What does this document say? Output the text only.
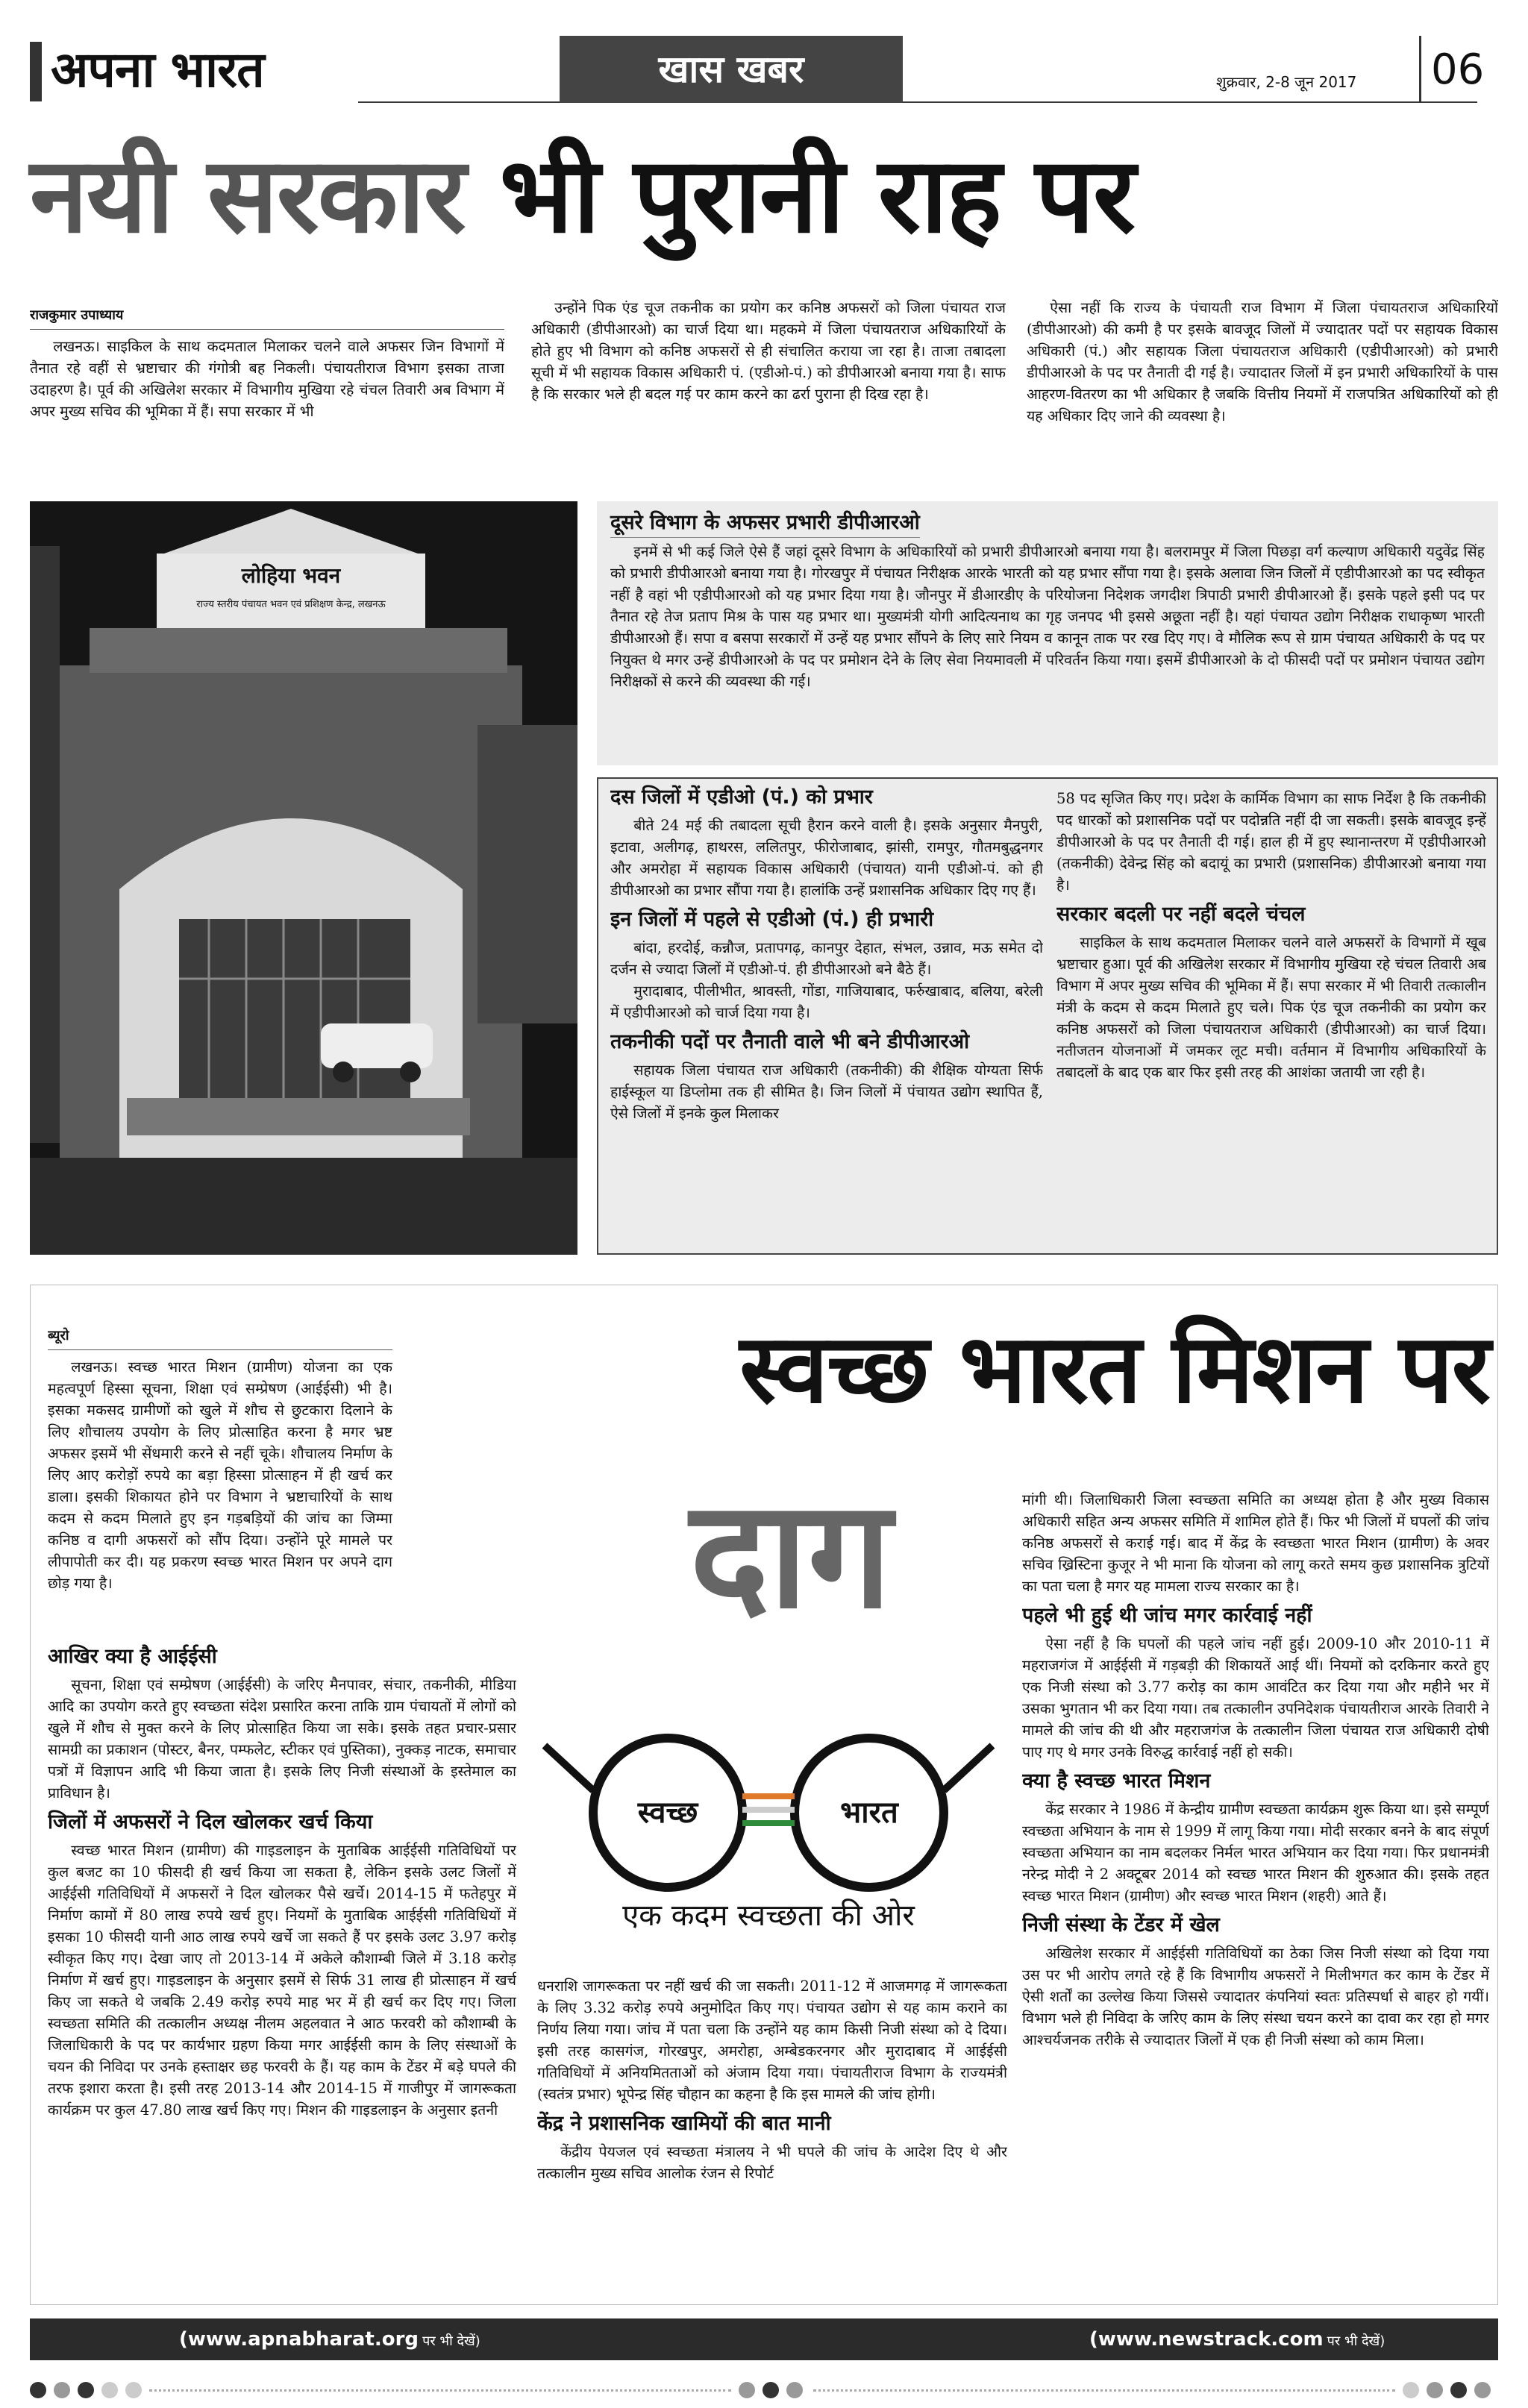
अपना भारत	खास खबर	शुक्रवार, 2-8 जून 2017 06
नयी सरकार भी पुरानी राह पर
राजकुमार उपाध्याय

लखनऊ। साइकिल के साथ कदमताल मिलाकर चलने वाले अफसर जिन विभागों में तैनात रहे वहीं से भ्रष्टाचार की गंगोत्री बह निकली। पंचायतीराज विभाग इसका ताजा उदाहरण है। पूर्व की अखिलेश सरकार में विभागीय मुखिया रहे चंचल तिवारी अब विभाग में अपर मुख्य सचिव की भूमिका में हैं। सपा सरकार में भी

उन्होंने पिक एंड चूज तकनीक का प्रयोग कर कनिष्ठ अफसरों को जिला पंचायत राज अधिकारी (डीपीआरओ) का चार्ज दिया था। महकमे में जिला पंचायतराज अधिकारियों के होते हुए भी विभाग को कनिष्ठ अफसरों से ही संचालित कराया जा रहा है। ताजा तबादला सूची में भी सहायक विकास अधिकारी पं. (एडीओ-पं.) को डीपीआरओ बनाया गया है। साफ है कि सरकार भले ही बदल गई पर काम करने का ढर्रा पुराना ही दिख रहा है।

ऐसा नहीं कि राज्य के पंचायती राज विभाग में जिला पंचायतराज अधिकारियों (डीपीआरओ) की कमी है पर इसके बावजूद जिलों में ज्यादातर पदों पर सहायक विकास अधिकारी (पं.) और सहायक जिला पंचायतराज अधिकारी (एडीपीआरओ) को प्रभारी डीपीआरओ के पद पर तैनाती दी गई है। ज्यादातर जिलों में इन प्रभारी अधिकारियों के पास आहरण-वितरण का भी अधिकार है जबकि वित्तीय नियमों में राजपत्रित अधिकारियों को ही यह अधिकार दिए जाने की व्यवस्था है।

लोहिया भवन
राज्य स्तरीय पंचायत भवन एवं प्रशिक्षण केन्द्र, लखनऊ
दूसरे विभाग के अफसर प्रभारी डीपीआरओ
इनमें से भी कई जिले ऐसे हैं जहां दूसरे विभाग के अधिकारियों को प्रभारी डीपीआरओ बनाया गया है। बलरामपुर में जिला पिछड़ा वर्ग कल्याण अधिकारी यदुवेंद्र सिंह को प्रभारी डीपीआरओ बनाया गया है। गोरखपुर में पंचायत निरीक्षक आरके भारती को यह प्रभार सौंपा गया है। इसके अलावा जिन जिलों में एडीपीआरओ का पद स्वीकृत नहीं है वहां भी एडीपीआरओ को यह प्रभार दिया गया है। जौनपुर में डीआरडीए के परियोजना निदेशक जगदीश त्रिपाठी प्रभारी डीपीआरओ हैं। इसके पहले इसी पद पर तैनात रहे तेज प्रताप मिश्र के पास यह प्रभार था। मुख्यमंत्री योगी आदित्यनाथ का गृह जनपद भी इससे अछूता नहीं है। यहां पंचायत उद्योग निरीक्षक राधाकृष्ण भारती डीपीआरओ हैं। सपा व बसपा सरकारों में उन्हें यह प्रभार सौंपने के लिए सारे नियम व कानून ताक पर रख दिए गए। वे मौलिक रूप से ग्राम पंचायत अधिकारी के पद पर नियुक्त थे मगर उन्हें डीपीआरओ के पद पर प्रमोशन देने के लिए सेवा नियमावली में परिवर्तन किया गया। इसमें डीपीआरओ के दो फीसदी पदों पर प्रमोशन पंचायत उद्योग निरीक्षकों से करने की व्यवस्था की गई।
दस जिलों में एडीओ (पं.) को प्रभार

बीते 24 मई की तबादला सूची हैरान करने वाली है। इसके अनुसार मैनपुरी, इटावा, अलीगढ़, हाथरस, ललितपुर, फीरोजाबाद, झांसी, रामपुर, गौतमबुद्धनगर और अमरोहा में सहायक विकास अधिकारी (पंचायत) यानी एडीओ-पं. को ही डीपीआरओ का प्रभार सौंपा गया है। हालांकि उन्हें प्रशासनिक अधिकार दिए गए हैं।

इन जिलों में पहले से एडीओ (पं.) ही प्रभारी

बांदा, हरदोई, कन्नौज, प्रतापगढ़, कानपुर देहात, संभल, उन्नाव, मऊ समेत दो दर्जन से ज्यादा जिलों में एडीओ-पं. ही डीपीआरओ बने बैठे हैं।

मुरादाबाद, पीलीभीत, श्रावस्ती, गोंडा, गाजियाबाद, फर्रुखाबाद, बलिया, बरेली में एडीपीआरओ को चार्ज दिया गया है।

तकनीकी पदों पर तैनाती वाले भी बने डीपीआरओ

सहायक जिला पंचायत राज अधिकारी (तकनीकी) की शैक्षिक योग्यता सिर्फ हाईस्कूल या डिप्लोमा तक ही सीमित है। जिन जिलों में पंचायत उद्योग स्थापित हैं, ऐसे जिलों में इनके कुल मिलाकर

58 पद सृजित किए गए। प्रदेश के कार्मिक विभाग का साफ निर्देश है कि तकनीकी पद धारकों को प्रशासनिक पदों पर पदोन्नति नहीं दी जा सकती। इसके बावजूद इन्हें डीपीआरओ के पद पर तैनाती दी गई। हाल ही में हुए स्थानान्तरण में एडीपीआरओ (तकनीकी) देवेन्द्र सिंह को बदायूं का प्रभारी (प्रशासनिक) डीपीआरओ बनाया गया है।

सरकार बदली पर नहीं बदले चंचल

साइकिल के साथ कदमताल मिलाकर चलने वाले अफसरों के विभागों में खूब भ्रष्टाचार हुआ। पूर्व की अखिलेश सरकार में विभागीय मुखिया रहे चंचल तिवारी अब विभाग में अपर मुख्य सचिव की भूमिका में हैं। सपा सरकार में भी तिवारी तत्कालीन मंत्री के कदम से कदम मिलाते हुए चले। पिक एंड चूज तकनीकी का प्रयोग कर कनिष्ठ अफसरों को जिला पंचायतराज अधिकारी (डीपीआरओ) का चार्ज दिया। नतीजतन योजनाओं में जमकर लूट मची। वर्तमान में विभागीय अधिकारियों के तबादलों के बाद एक बार फिर इसी तरह की आशंका जतायी जा रही है।

स्वच्छ भारत मिशन पर
ब्यूरो

लखनऊ। स्वच्छ भारत मिशन (ग्रामीण) योजना का एक महत्वपूर्ण हिस्सा सूचना, शिक्षा एवं सम्प्रेषण (आईईसी) भी है। इसका मकसद ग्रामीणों को खुले में शौच से छुटकारा दिलाने के लिए शौचालय उपयोग के लिए प्रोत्साहित करना है मगर भ्रष्ट अफसर इसमें भी सेंधमारी करने से नहीं चूके। शौचालय निर्माण के लिए आए करोड़ों रुपये का बड़ा हिस्सा प्रोत्साहन में ही खर्च कर डाला। इसकी शिकायत होने पर विभाग ने भ्रष्टाचारियों के साथ कदम से कदम मिलाते हुए इन गड़बड़ियों की जांच का जिम्मा कनिष्ठ व दागी अफसरों को सौंप दिया। उन्होंने पूरे मामले पर लीपापोती कर दी। यह प्रकरण स्वच्छ भारत मिशन पर अपने दाग छोड़ गया है।

आखिर क्या है आईईसी

सूचना, शिक्षा एवं सम्प्रेषण (आईईसी) के जरिए मैनपावर, संचार, तकनीकी, मीडिया आदि का उपयोग करते हुए स्वच्छता संदेश प्रसारित करना ताकि ग्राम पंचायतों में लोगों को खुले में शौच से मुक्त करने के लिए प्रोत्साहित किया जा सके। इसके तहत प्रचार-प्रसार सामग्री का प्रकाशन (पोस्टर, बैनर, पम्फलेट, स्टीकर एवं पुस्तिका), नुक्कड़ नाटक, समाचार पत्रों में विज्ञापन आदि भी किया जाता है। इसके लिए निजी संस्थाओं के इस्तेमाल का प्राविधान है।

जिलों में अफसरों ने दिल खोलकर खर्च किया

स्वच्छ भारत मिशन (ग्रामीण) की गाइडलाइन के मुताबिक आईईसी गतिविधियों पर कुल बजट का 10 फीसदी ही खर्च किया जा सकता है, लेकिन इसके उलट जिलों में आईईसी गतिविधियों में अफसरों ने दिल खोलकर पैसे खर्चे। 2014-15 में फतेहपुर में निर्माण कामों में 80 लाख रुपये खर्च हुए। नियमों के मुताबिक आईईसी गतिविधियों में इसका 10 फीसदी यानी आठ लाख रुपये खर्चे जा सकते हैं पर इसके उलट 3.97 करोड़ स्वीकृत किए गए। देखा जाए तो 2013-14 में अकेले कौशाम्बी जिले में 3.18 करोड़ निर्माण में खर्च हुए। गाइडलाइन के अनुसार इसमें से सिर्फ 31 लाख ही प्रोत्साहन में खर्च किए जा सकते थे जबकि 2.49 करोड़ रुपये माह भर में ही खर्च कर दिए गए। जिला स्वच्छता समिति की तत्कालीन अध्यक्ष नीलम अहलवात ने आठ फरवरी को कौशाम्बी के जिलाधिकारी के पद पर कार्यभार ग्रहण किया मगर आईईसी काम के लिए संस्थाओं के चयन की निविदा पर उनके हस्ताक्षर छह फरवरी के हैं। यह काम के टेंडर में बड़े घपले की तरफ इशारा करता है। इसी तरह 2013-14 और 2014-15 में गाजीपुर में जागरूकता कार्यक्रम पर कुल 47.80 लाख खर्च किए गए। मिशन की गाइडलाइन के अनुसार इतनी

दाग
स्वच्छ	भारत
एक कदम स्वच्छता की ओर

धनराशि जागरूकता पर नहीं खर्च की जा सकती। 2011-12 में आजमगढ़ में जागरूकता के लिए 3.32 करोड़ रुपये अनुमोदित किए गए। पंचायत उद्योग से यह काम कराने का निर्णय लिया गया। जांच में पता चला कि उन्होंने यह काम किसी निजी संस्था को दे दिया। इसी तरह कासगंज, गोरखपुर, अमरोहा, अम्बेडकरनगर और मुरादाबाद में आईईसी गतिविधियों में अनियमितताओं को अंजाम दिया गया। पंचायतीराज विभाग के राज्यमंत्री (स्वतंत्र प्रभार) भूपेन्द्र सिंह चौहान का कहना है कि इस मामले की जांच होगी।

केंद्र ने प्रशासनिक खामियों की बात मानी

केंद्रीय पेयजल एवं स्वच्छता मंत्रालय ने भी घपले की जांच के आदेश दिए थे और तत्कालीन मुख्य सचिव आलोक रंजन से रिपोर्ट

मांगी थी। जिलाधिकारी जिला स्वच्छता समिति का अध्यक्ष होता है और मुख्य विकास अधिकारी सहित अन्य अफसर समिति में शामिल होते हैं। फिर भी जिलों में घपलों की जांच कनिष्ठ अफसरों से कराई गई। बाद में केंद्र के स्वच्छता भारत मिशन (ग्रामीण) के अवर सचिव ख्रिस्टिना कुजूर ने भी माना कि योजना को लागू करते समय कुछ प्रशासनिक त्रुटियों का पता चला है मगर यह मामला राज्य सरकार का है।

पहले भी हुई थी जांच मगर कार्रवाई नहीं

ऐसा नहीं है कि घपलों की पहले जांच नहीं हुई। 2009-10 और 2010-11 में महराजगंज में आईईसी में गड़बड़ी की शिकायतें आई थीं। नियमों को दरकिनार करते हुए एक निजी संस्था को 3.77 करोड़ का काम आवंटित कर दिया गया और महीने भर में उसका भुगतान भी कर दिया गया। तब तत्कालीन उपनिदेशक पंचायतीराज आरके तिवारी ने मामले की जांच की थी और महराजगंज के तत्कालीन जिला पंचायत राज अधिकारी दोषी पाए गए थे मगर उनके विरुद्ध कार्रवाई नहीं हो सकी।

क्या है स्वच्छ भारत मिशन

केंद्र सरकार ने 1986 में केन्द्रीय ग्रामीण स्वच्छता कार्यक्रम शुरू किया था। इसे सम्पूर्ण स्वच्छता अभियान के नाम से 1999 में लागू किया गया। मोदी सरकार बनने के बाद संपूर्ण स्वच्छता अभियान का नाम बदलकर निर्मल भारत अभियान कर दिया गया। फिर प्रधानमंत्री नरेन्द्र मोदी ने 2 अक्टूबर 2014 को स्वच्छ भारत मिशन की शुरुआत की। इसके तहत स्वच्छ भारत मिशन (ग्रामीण) और स्वच्छ भारत मिशन (शहरी) आते हैं।

निजी संस्था के टेंडर में खेल

अखिलेश सरकार में आईईसी गतिविधियों का ठेका जिस निजी संस्था को दिया गया उस पर भी आरोप लगते रहे हैं कि विभागीय अफसरों ने मिलीभगत कर काम के टेंडर में ऐसी शर्तों का उल्लेख किया जिससे ज्यादातर कंपनियां स्वतः प्रतिस्पर्धा से बाहर हो गयीं। विभाग भले ही निविदा के जरिए काम के लिए संस्था चयन करने का दावा कर रहा हो मगर आश्चर्यजनक तरीके से ज्यादातर जिलों में एक ही निजी संस्था को काम मिला।

(www.apnabharat.org पर भी देखें)	(www.newstrack.com पर भी देखें)
